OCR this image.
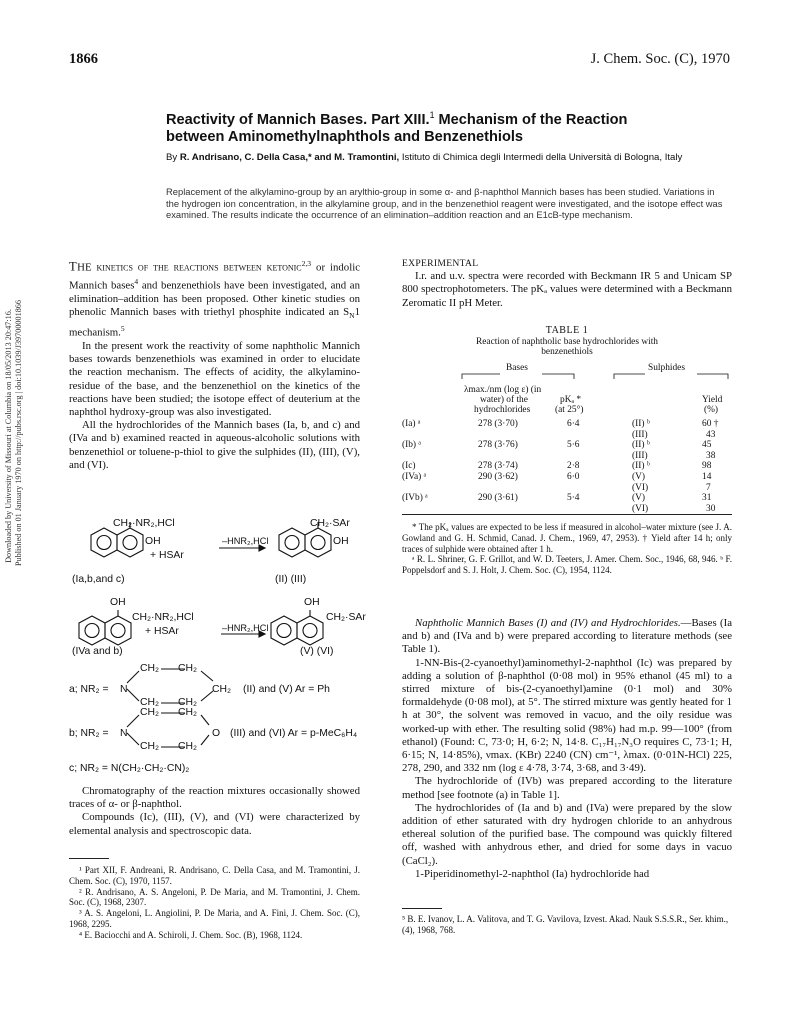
Downloaded by University of Missouri at Columbia on 18/05/2013 20:47:16. Published on 01 January 1970 on http://pubs.rsc.org | doi:10.1039/J39700001866
1866	J. Chem. Soc. (C), 1970
Reactivity of Mannich Bases. Part XIII.$^1$ Mechanism of the Reaction
between Aminomethylnaphthols and Benzenethiols
By R. Andrisano, C. Della Casa,* and M. Tramontini, Istituto di Chimica degli Intermedi della Università di Bologna, Italy
Replacement of the alkylamino-group by an arylthio-group in some α- and β-naphthol Mannich bases has been studied. Variations in the hydrogen ion concentration, in the alkylamine group, and in the benzenethiol reagent were investigated, and the isotope effect was examined. The results indicate the occurrence of an elimination–addition reaction and an E1cB-type mechanism.

THE kinetics of the reactions between ketonic$^{2,3}$ or indolic Mannich bases$^4$ and benzenethiols have been investigated, and an elimination–addition has been proposed. Other kinetic studies on phenolic Mannich bases with triethyl phosphite indicated an $S_N1$ mechanism.$^5$

In the present work the reactivity of some naphtholic Mannich bases towards benzenethiols was examined in order to elucidate the reaction mechanism. The effects of acidity, the alkylamino-residue of the base, and the benzenethiol on the kinetics of the reactions have been studied; the isotope effect of deuterium at the naphthol hydroxy-group was also investigated.

All the hydrochlorides of the Mannich bases (Ia, b, and c) and (IVa and b) examined reacted in aqueous-alcoholic solutions with benzenethiol or toluene-p-thiol to give the sulphides (II), (III), (V), and (VI).

CH₂·NR₂,HCl
OH
+ HSAr
–HNR₂,HCl
CH₂·SAr
OH
(Ia,b,and c)	(II) (III)
OH
CH₂·NR₂,HCl
+ HSAr	–HNR₂,HCl
OH
CH₂·SAr
(IVa and b)	(V) (VI)
a; NR₂ = N
CH₂ CH₂
CH₂ CH₂
CH₂ (II) and (V) Ar = Ph
b; NR₂ = N
CH₂ CH₂
CH₂ CH₂
O (III) and (VI) Ar = p-MeC₆H₄
c; NR₂ = N(CH₂·CH₂·CN)₂

Chromatography of the reaction mixtures occasionally showed traces of α- or β-naphthol.

Compounds (Ic), (III), (V), and (VI) were characterized by elemental analysis and spectroscopic data.

¹ Part XII, F. Andreani, R. Andrisano, C. Della Casa, and M. Tramontini, J. Chem. Soc. (C), 1970, 1157.
² R. Andrisano, A. S. Angeloni, P. De Maria, and M. Tramontini, J. Chem. Soc. (C), 1968, 2307.
³ A. S. Angeloni, L. Angiolini, P. De Maria, and A. Fini, J. Chem. Soc. (C), 1968, 2295.
⁴ E. Baciocchi and A. Schiroli, J. Chem. Soc. (B), 1968, 1124.
EXPERIMENTAL

I.r. and u.v. spectra were recorded with Beckmann IR 5 and Unicam SP 800 spectrophotometers. The pKₐ values were determined with a Beckmann Zeromatic II pH Meter.

TABLE 1
Reaction of naphtholic base hydrochlorides with
benzenethiols
Bases	Sulphides
λmax./nm (log ε) (in
water) of the
hydrochlorides
pKₐ *
(at 25°)
Yield
(%)
(Ia) ᵃ	278 (3·70)	6·4	(II) ᵇ	60 †
(III)	43
(Ib) ᵃ	278 (3·76)	5·6	(II) ᵇ	45
(III)	38
(Ic)	278 (3·74)	2·8	(II) ᵇ	98
(IVa) ᵃ	290 (3·62)	6·0	(V)	14
(VI)	7
(IVb) ᵃ	290 (3·61)	5·4	(V)	31
(VI)	30
* The pKₐ values are expected to be less if measured in alcohol–water mixture (see J. A. Gowland and G. H. Schmid, Canad. J. Chem., 1969, 47, 2953). † Yield after 14 h; only traces of sulphide were obtained after 1 h.
ᵃ R. L. Shriner, G. F. Grillot, and W. D. Teeters, J. Amer. Chem. Soc., 1946, 68, 946. ᵇ F. Poppelsdorf and S. J. Holt, J. Chem. Soc. (C), 1954, 1124.

Naphtholic Mannich Bases (I) and (IV) and Hydrochlorides.—Bases (Ia and b) and (IVa and b) were prepared according to literature methods (see Table 1).

1-NN-Bis-(2-cyanoethyl)aminomethyl-2-naphthol (Ic) was prepared by adding a solution of β-naphthol (0·08 mol) in 95% ethanol (45 ml) to a stirred mixture of bis-(2-cyanoethyl)amine (0·1 mol) and 30% formaldehyde (0·08 mol), at 5°. The stirred mixture was gently heated for 1 h at 30°, the solvent was removed in vacuo, and the oily residue was worked-up with ether. The resulting solid (98%) had m.p. 99—100° (from ethanol) (Found: C, 73·0; H, 6·2; N, 14·8. C₁₇H₁₇N₃O requires C, 73·1; H, 6·15; N, 14·85%), νmax. (KBr) 2240 (CN) cm⁻¹, λmax. (0·01N-HCl) 225, 278, 290, and 332 nm (log ε 4·78, 3·74, 3·68, and 3·49).

The hydrochloride of (IVb) was prepared according to the literature method [see footnote (a) in Table 1].

The hydrochlorides of (Ia and b) and (IVa) were prepared by the slow addition of ether saturated with dry hydrogen chloride to an anhydrous ethereal solution of the purified base. The compound was quickly filtered off, washed with anhydrous ether, and dried for some days in vacuo (CaCl₂).

1-Piperidinomethyl-2-naphthol (Ia) hydrochloride had

⁵ B. E. Ivanov, L. A. Valitova, and T. G. Vavilova, Izvest. Akad. Nauk S.S.S.R., Ser. khim., (4), 1968, 768.
